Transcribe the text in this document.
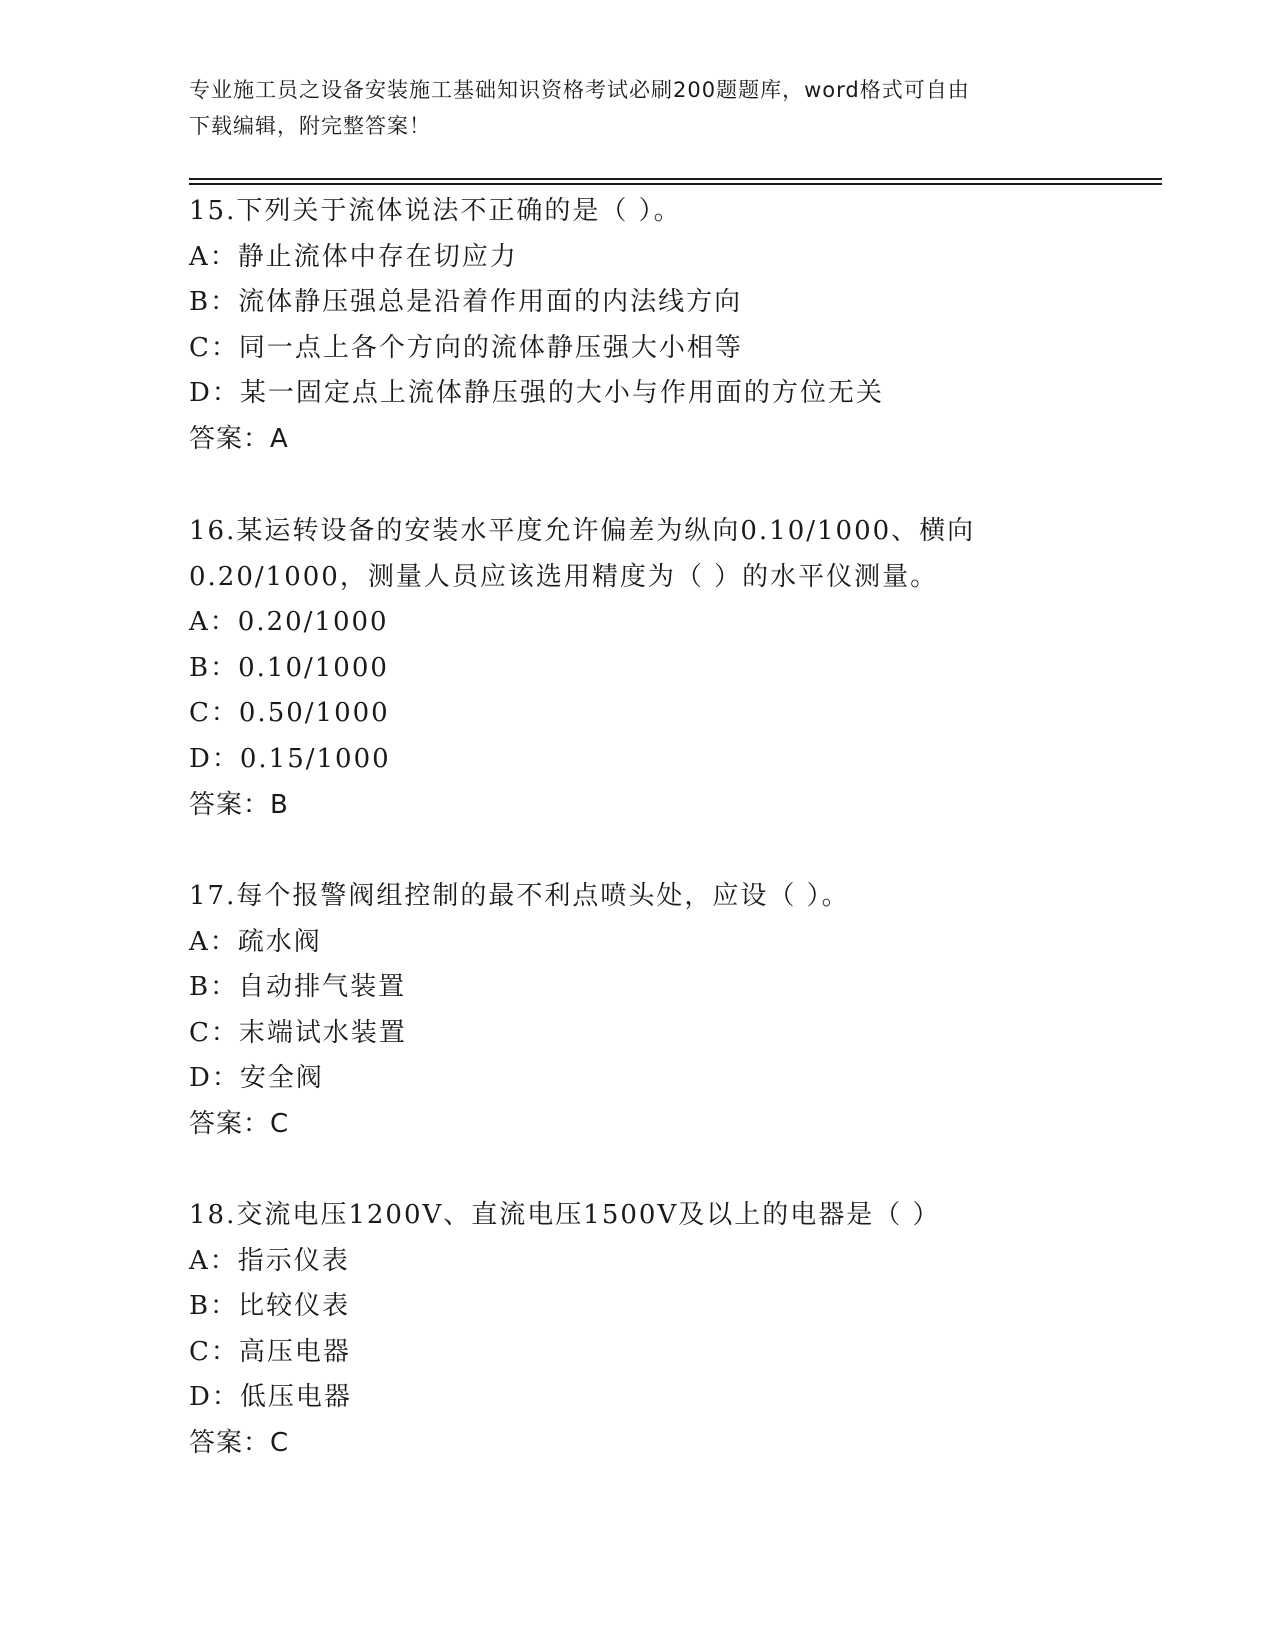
专业施工员之设备安装施工基础知识资格考试必刷200题题库，word格式可自由
下载编辑，附完整答案！
15.下列关于流体说法不正确的是（ ）。
A：静止流体中存在切应力
B：流体静压强总是沿着作用面的内法线方向
C：同一点上各个方向的流体静压强大小相等
D：某一固定点上流体静压强的大小与作用面的方位无关
答案：A
16.某运转设备的安装水平度允许偏差为纵向0.10/1000、横向
0.20/1000，测量人员应该选用精度为（ ）的水平仪测量。
A：0.20/1000
B：0.10/1000
C：0.50/1000
D：0.15/1000
答案：B
17.每个报警阀组控制的最不利点喷头处，应设（ ）。
A：疏水阀
B：自动排气装置
C：末端试水装置
D：安全阀
答案：C
18.交流电压1200V、直流电压1500V及以上的电器是（ ）
A：指示仪表
B：比较仪表
C：高压电器
D：低压电器
答案：C
